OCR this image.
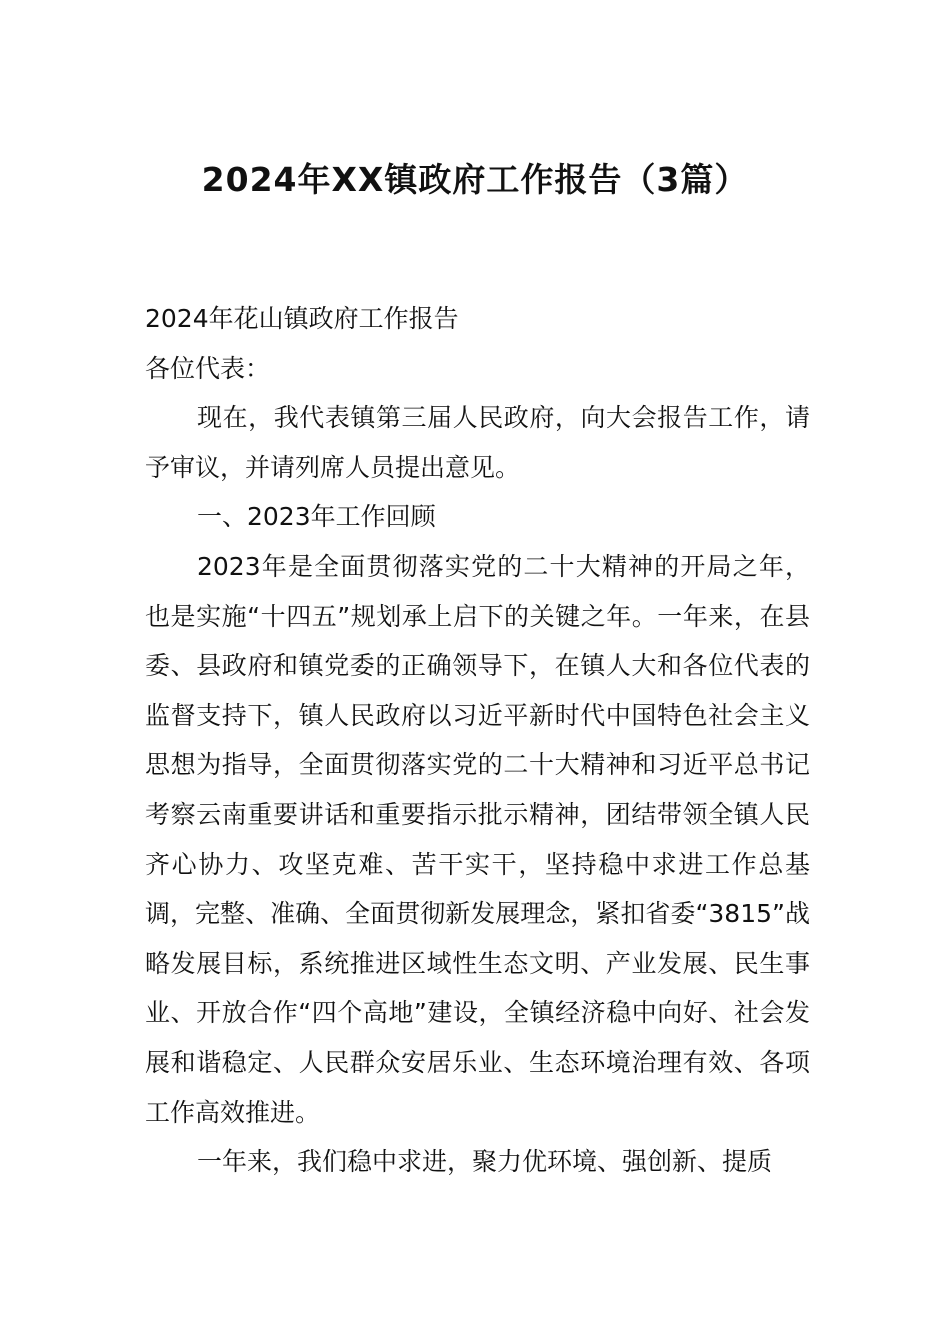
2024年XX镇政府工作报告（3篇）

2024年花山镇政府工作报告

各位代表：

现在，我代表镇第三届人民政府，向大会报告工作，请予审议，并请列席人员提出意见。

一、2023年工作回顾

2023年是全面贯彻落实党的二十大精神的开局之年，也是实施“十四五”规划承上启下的关键之年。一年来，在县委、县政府和镇党委的正确领导下，在镇人大和各位代表的监督支持下，镇人民政府以习近平新时代中国特色社会主义思想为指导，全面贯彻落实党的二十大精神和习近平总书记考察云南重要讲话和重要指示批示精神，团结带领全镇人民齐心协力、攻坚克难、苦干实干，坚持稳中求进工作总基调，完整、准确、全面贯彻新发展理念，紧扣省委“3815”战略发展目标，系统推进区域性生态文明、产业发展、民生事业、开放合作“四个高地”建设，全镇经济稳中向好、社会发展和谐稳定、人民群众安居乐业、生态环境治理有效、各项工作高效推进。

一年来，我们稳中求进，聚力优环境、强创新、提质
